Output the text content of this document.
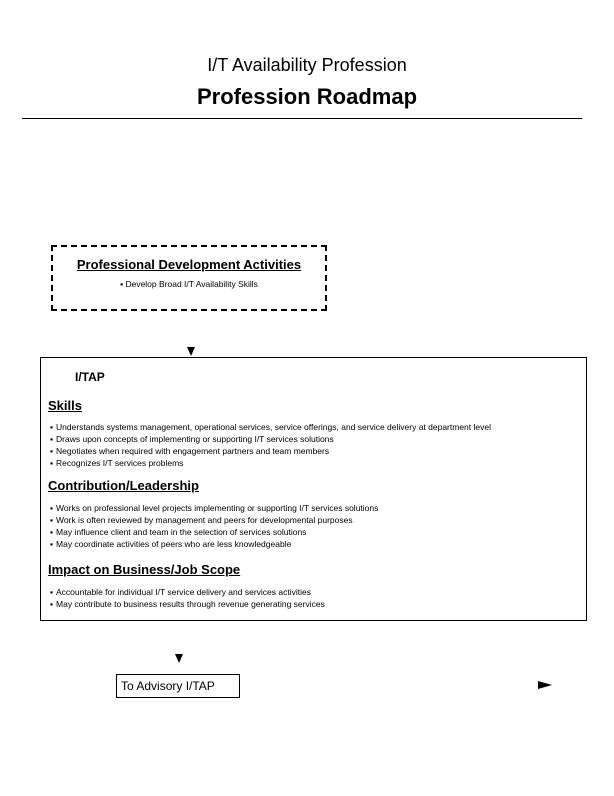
I/T Availability Profession
Profession Roadmap
Professional Development Activities
▪ Develop Broad I/T Availability Skills
I/TAP
Skills
▪ Understands systems management, operational services, service offerings, and service delivery at department level
▪ Draws upon concepts of implementing or supporting I/T services solutions
▪ Negotiates when required with engagement partners and team members
▪ Recognizes I/T services problems
Contribution/Leadership
▪ Works on professional level projects implementing or supporting I/T services solutions
▪ Work is often reviewed by management and peers for developmental purposes
▪ May influence client and team in the selection of services solutions
▪ May coordinate activities of peers who are less knowledgeable
Impact on Business/Job Scope
▪ Accountable for individual I/T service delivery and services activities
▪ May contribute to business results through revenue generating services
To Advisory I/TAP
